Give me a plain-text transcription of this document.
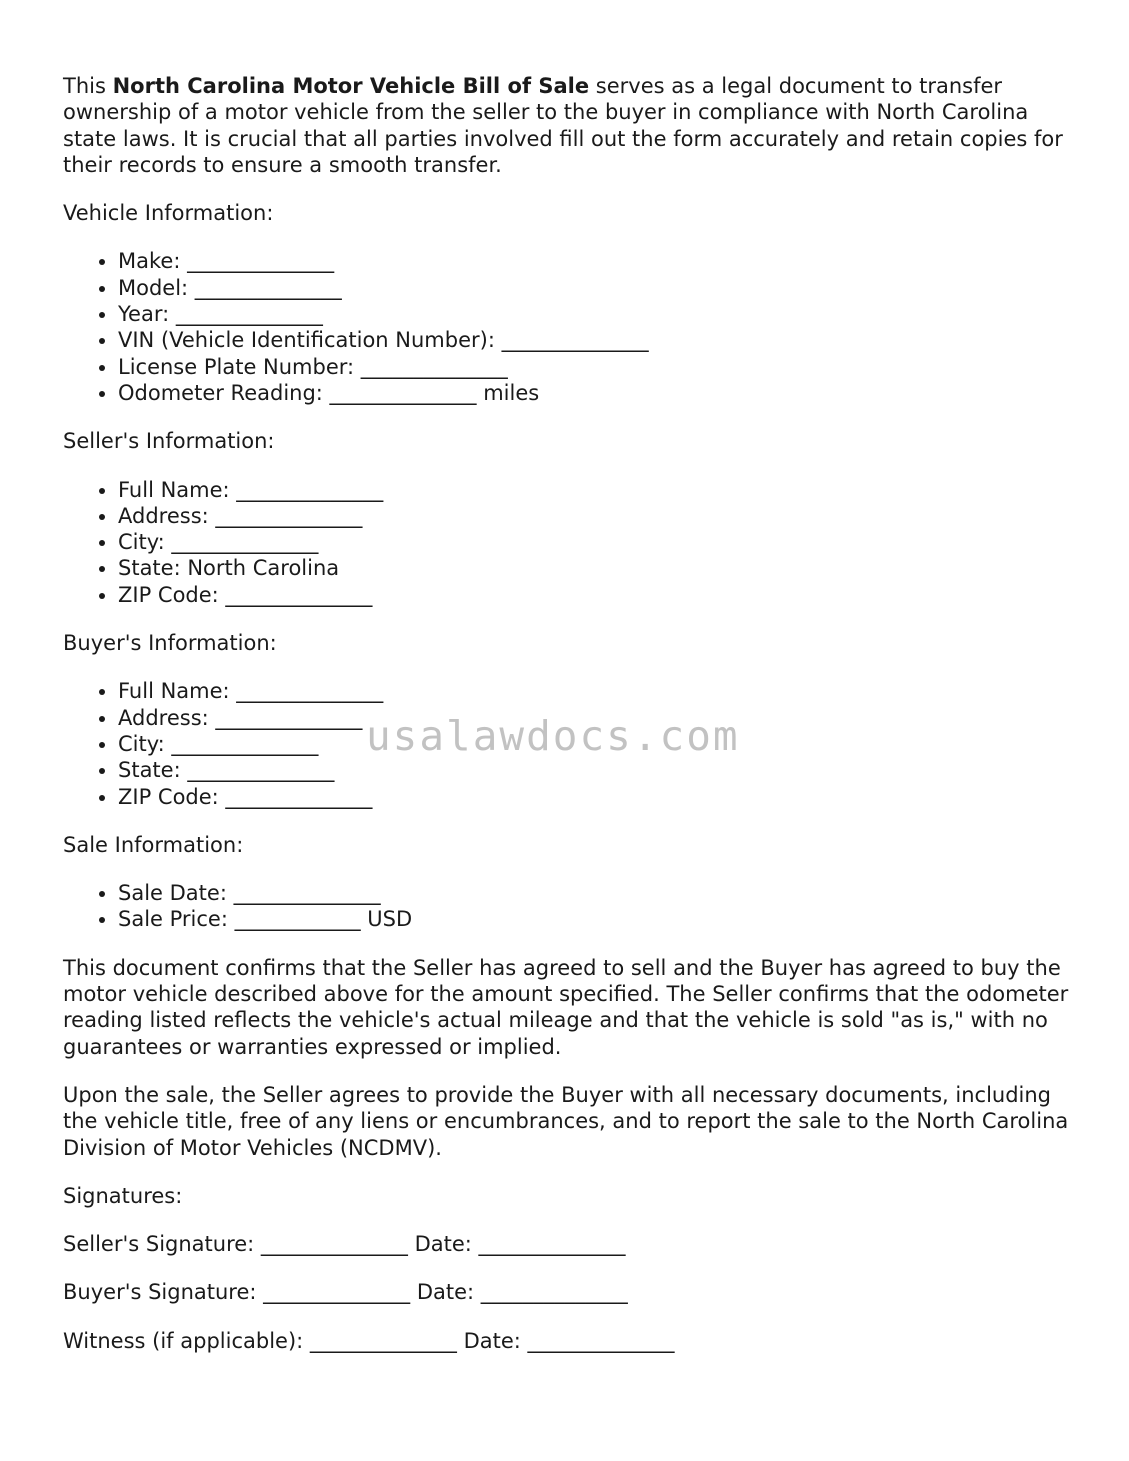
This North Carolina Motor Vehicle Bill of Sale serves as a legal document to transfer ownership of a motor vehicle from the seller to the buyer in compliance with North Carolina state laws. It is crucial that all parties involved fill out the form accurately and retain copies for their records to ensure a smooth transfer.

Vehicle Information:

• Make: ______________
• Model: ______________
• Year: ______________
• VIN (Vehicle Identification Number): ______________
• License Plate Number: ______________
• Odometer Reading: ______________ miles

Seller's Information:

• Full Name: ______________
• Address: ______________
• City: ______________
• State: North Carolina
• ZIP Code: ______________

Buyer's Information:

• Full Name: ______________
• Address: ______________
• City: ______________
• State: ______________
• ZIP Code: ______________

Sale Information:

• Sale Date: ______________
• Sale Price: ____________ USD

This document confirms that the Seller has agreed to sell and the Buyer has agreed to buy the motor vehicle described above for the amount specified. The Seller confirms that the odometer reading listed reflects the vehicle's actual mileage and that the vehicle is sold "as is," with no guarantees or warranties expressed or implied.

Upon the sale, the Seller agrees to provide the Buyer with all necessary documents, including the vehicle title, free of any liens or encumbrances, and to report the sale to the North Carolina Division of Motor Vehicles (NCDMV).

Signatures:

Seller's Signature: ______________ Date: ______________

Buyer's Signature: ______________ Date: ______________

Witness (if applicable): ______________ Date: ______________

usalawdocs.com
